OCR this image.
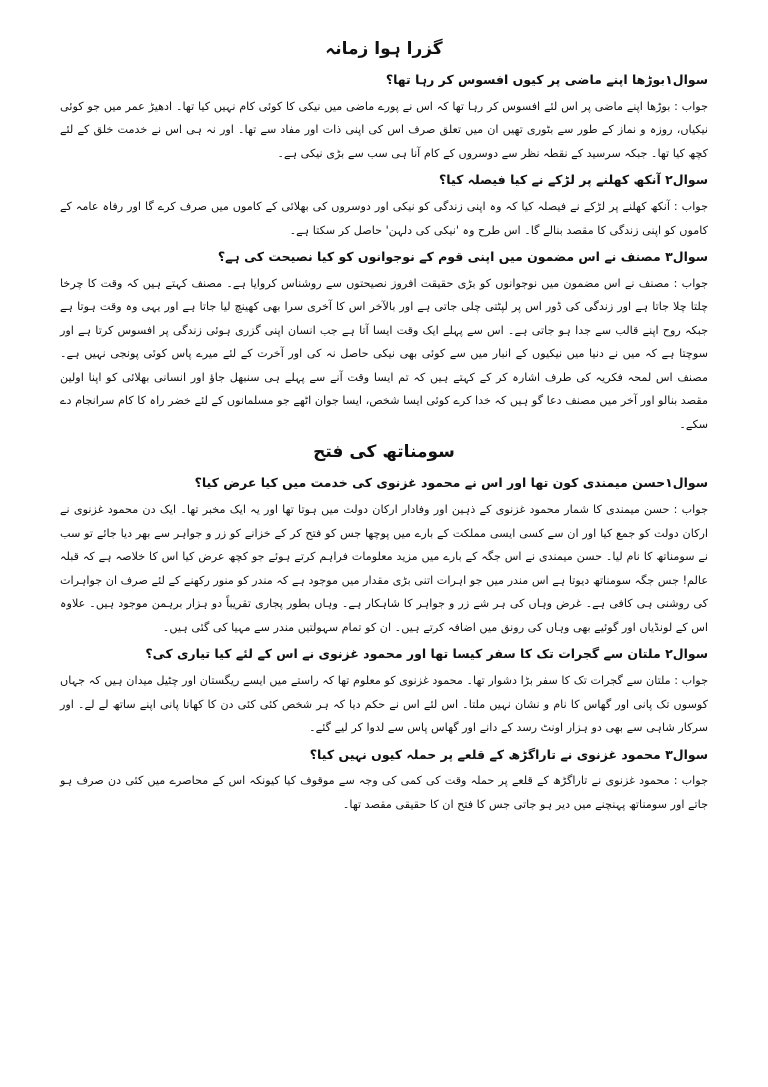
گزرا ہوا زمانہ
سوال۱بوڑھا اپنے ماضی پر کیوں افسوس کر رہا تھا؟
جواب : بوڑھا اپنے ماضی پر اس لئے افسوس کر رہا تھا کہ اس نے پورے ماضی میں نیکی کا کوئی کام نہیں کیا تھا۔ ادھیڑ عمر میں جو کوئی نیکیاں، روزہ و نماز کے طور سے بٹوری تھیں ان میں تعلق صرف اس کی اپنی ذات اور مفاد سے تھا۔ اور نہ ہی اس نے خدمت خلق کے لئے کچھ کیا تھا۔ جبکہ سرسید کے نقطہ نظر سے دوسروں کے کام آنا ہی سب سے بڑی نیکی ہے۔
سوال۲ آنکھ کھلنے پر لڑکے نے کیا فیصلہ کیا؟
جواب : آنکھ کھلنے پر لڑکے نے فیصلہ کیا کہ وہ اپنی زندگی کو نیکی اور دوسروں کی بھلائی کے کاموں میں صرف کرے گا اور رفاہ عامہ کے کاموں کو اپنی زندگی کا مقصد بنالے گا۔ اس طرح وہ 'نیکی کی دلہن' حاصل کر سکتا ہے۔
سوال۳ مصنف نے اس مضمون میں اپنی قوم کے نوجوانوں کو کیا نصیحت کی ہے؟
جواب : مصنف نے اس مضمون میں نوجوانوں کو بڑی حقیقت افروز نصیحتوں سے روشناس کروایا ہے۔ مصنف کہتے ہیں کہ وقت کا چرخا چلتا چلا جاتا ہے اور زندگی کی ڈور اس پر لپٹتی چلی جاتی ہے اور بالآخر اس کا آخری سرا بھی کھینچ لیا جاتا ہے اور یہی وہ وقت ہوتا ہے جبکہ روح اپنے قالب سے جدا ہو جاتی ہے۔ اس سے پہلے ایک وقت ایسا آتا ہے جب انسان اپنی گزری ہوئی زندگی پر افسوس کرتا ہے اور سوچتا ہے کہ میں نے دنیا میں نیکیوں کے انبار میں سے کوئی بھی نیکی حاصل نہ کی اور آخرت کے لئے میرے پاس کوئی پونجی نہیں ہے۔ مصنف اس لمحہ فکریہ کی طرف اشارہ کر کے کہتے ہیں کہ تم ایسا وقت آنے سے پہلے ہی سنبھل جاؤ اور انسانی بھلائی کو اپنا اولین مقصد بنالو اور آخر میں مصنف دعا گو ہیں کہ خدا کرے کوئی ایسا شخص، ایسا جوان اٹھے جو مسلمانوں کے لئے خضر راہ کا کام سرانجام دے سکے۔
سومناتھ کی فتح
سوال۱حسن میمندی کون تھا اور اس نے محمود غزنوی کی خدمت میں کیا عرض کیا؟
جواب : حسن میمندی کا شمار محمود غزنوی کے ذہین اور وفادار ارکان دولت میں ہوتا تھا اور یہ ایک مخبر تھا۔ ایک دن محمود غزنوی نے ارکان دولت کو جمع کیا اور ان سے کسی ایسی مملکت کے بارے میں پوچھا جس کو فتح کر کے خزانے کو زر و جواہر سے بھر دیا جائے تو سب نے سومناتھ کا نام لیا۔ حسن میمندی نے اس جگہ کے بارے میں مزید معلومات فراہم کرتے ہوئے جو کچھ عرض کیا اس کا خلاصہ ہے کہ قبلہ عالم! جس جگہ سومناتھ دیوتا ہے اس مندر میں جو اہرات اتنی بڑی مقدار میں موجود ہے کہ مندر کو منور رکھنے کے لئے صرف ان جواہرات کی روشنی ہی کافی ہے۔ غرض وہاں کی ہر شے زر و جواہر کا شاہکار ہے۔ وہاں بطور پجاری تقریباً دو ہزار برہمن موجود ہیں۔ علاوہ اس کے لونڈیاں اور گوئیے بھی وہاں کی رونق میں اضافہ کرتے ہیں۔ ان کو تمام سہولتیں مندر سے مہیا کی گئی ہیں۔
سوال۲ ملتان سے گجرات تک کا سفر کیسا تھا اور محمود غزنوی نے اس کے لئے کیا تیاری کی؟
جواب : ملتان سے گجرات تک کا سفر بڑا دشوار تھا۔ محمود غزنوی کو معلوم تھا کہ راستے میں ایسے ریگستان اور چٹیل میدان ہیں کہ جہاں کوسوں تک پانی اور گھاس کا نام و نشان نہیں ملتا۔ اس لئے اس نے حکم دیا کہ ہر شخص کئی کئی دن کا کھانا پانی اپنے ساتھ لے لے۔ اور سرکار شاہی سے بھی دو ہزار اونٹ رسد کے دانے اور گھاس پاس سے لدوا کر لیے گئے۔
سوال۳ محمود غزنوی نے تاراگڑھ کے قلعے پر حملہ کیوں نہیں کیا؟
جواب : محمود غزنوی نے تاراگڑھ کے قلعے پر حملہ وقت کی کمی کی وجہ سے موقوف کیا کیونکہ اس کے محاصرے میں کئی دن صرف ہو جاتے اور سومناتھ پہنچنے میں دیر ہو جاتی جس کا فتح ان کا حقیقی مقصد تھا۔
